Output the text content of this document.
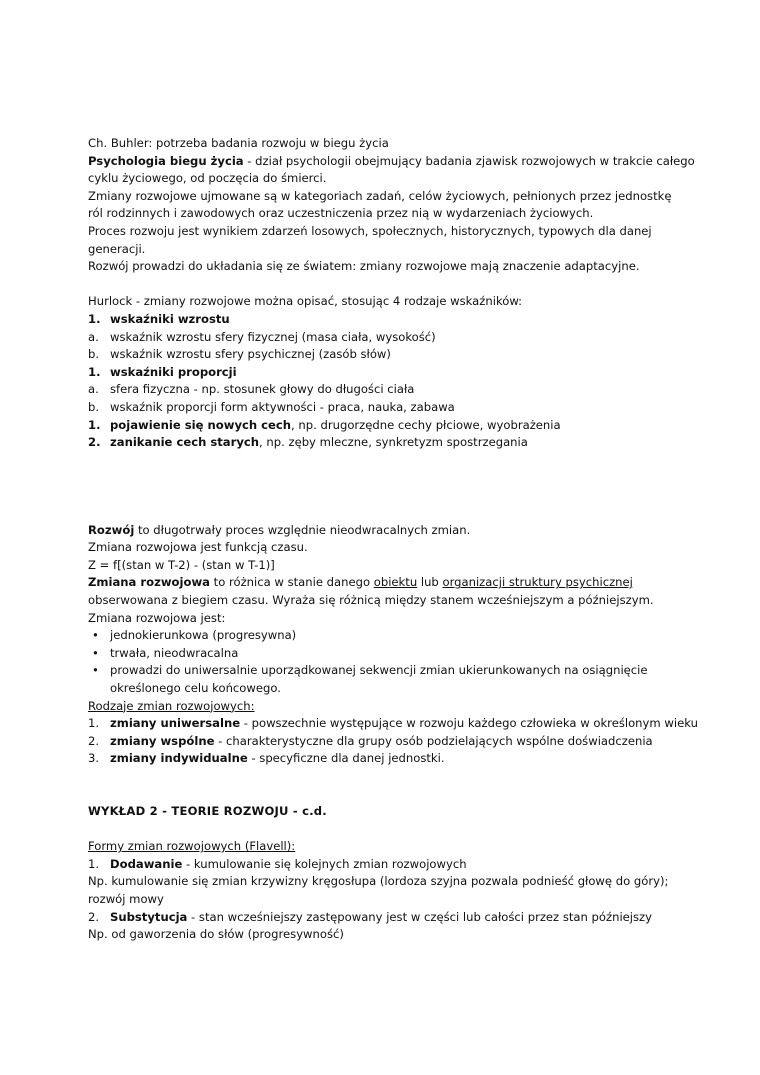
Ch. Buhler: potrzeba badania rozwoju w biegu życia
Psychologia biegu życia - dział psychologii obejmujący badania zjawisk rozwojowych w trakcie całego
cyklu życiowego, od poczęcia do śmierci.
Zmiany rozwojowe ujmowane są w kategoriach zadań, celów życiowych, pełnionych przez jednostkę
ról rodzinnych i zawodowych oraz uczestniczenia przez nią w wydarzeniach życiowych.
Proces rozwoju jest wynikiem zdarzeń losowych, społecznych, historycznych, typowych dla danej
generacji.
Rozwój prowadzi do układania się ze światem: zmiany rozwojowe mają znaczenie adaptacyjne.
Hurlock - zmiany rozwojowe można opisać, stosując 4 rodzaje wskaźników:
1. wskaźniki wzrostu
a. wskaźnik wzrostu sfery fizycznej (masa ciała, wysokość)
b. wskaźnik wzrostu sfery psychicznej (zasób słów)
1. wskaźniki proporcji
a. sfera fizyczna - np. stosunek głowy do długości ciała
b. wskaźnik proporcji form aktywności - praca, nauka, zabawa
1. pojawienie się nowych cech, np. drugorzędne cechy płciowe, wyobrażenia
2. zanikanie cech starych, np. zęby mleczne, synkretyzm spostrzegania
Rozwój to długotrwały proces względnie nieodwracalnych zmian.
Zmiana rozwojowa jest funkcją czasu.
Z = f[(stan w T-2) - (stan w T-1)]
Zmiana rozwojowa to różnica w stanie danego obiektu lub organizacji struktury psychicznej
obserwowana z biegiem czasu. Wyraża się różnicą między stanem wcześniejszym a późniejszym.
Zmiana rozwojowa jest:
• jednokierunkowa (progresywna)
• trwała, nieodwracalna
• prowadzi do uniwersalnie uporządkowanej sekwencji zmian ukierunkowanych na osiągnięcie
określonego celu końcowego.
Rodzaje zmian rozwojowych:
1. zmiany uniwersalne - powszechnie występujące w rozwoju każdego człowieka w określonym wieku
2. zmiany wspólne - charakterystyczne dla grupy osób podzielających wspólne doświadczenia
3. zmiany indywidualne - specyficzne dla danej jednostki.
WYKŁAD 2 - TEORIE ROZWOJU - c.d.
Formy zmian rozwojowych (Flavell):
1. Dodawanie - kumulowanie się kolejnych zmian rozwojowych
Np. kumulowanie się zmian krzywizny kręgosłupa (lordoza szyjna pozwala podnieść głowę do góry);
rozwój mowy
2. Substytucja - stan wcześniejszy zastępowany jest w części lub całości przez stan późniejszy
Np. od gaworzenia do słów (progresywność)
